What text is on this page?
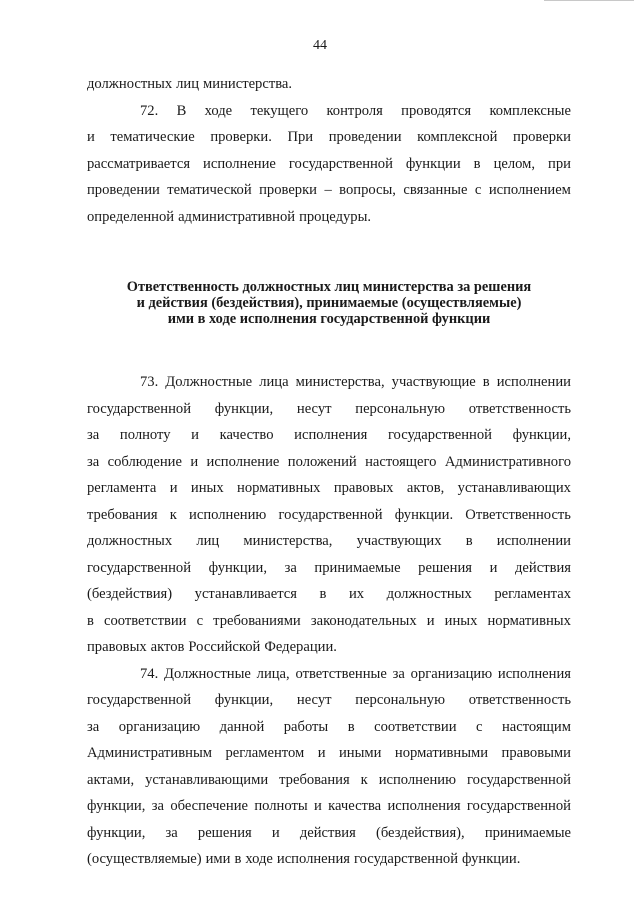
44
должностных лиц министерства.
72. В ходе текущего контроля проводятся комплексные
и тематические проверки. При проведении комплексной проверки
рассматривается исполнение государственной функции в целом, при
проведении тематической проверки – вопросы, связанные с исполнением
определенной административной процедуры.
Ответственность должностных лиц министерства за решения
и действия (бездействия), принимаемые (осуществляемые)
ими в ходе исполнения государственной функции
73. Должностные лица министерства, участвующие в исполнении
государственной функции, несут персональную ответственность
за полноту и качество исполнения государственной функции,
за соблюдение и исполнение положений настоящего Административного
регламента и иных нормативных правовых актов, устанавливающих
требования к исполнению государственной функции. Ответственность
должностных лиц министерства, участвующих в исполнении
государственной функции, за принимаемые решения и действия
(бездействия) устанавливается в их должностных регламентах
в соответствии с требованиями законодательных и иных нормативных
правовых актов Российской Федерации.
74. Должностные лица, ответственные за организацию исполнения
государственной функции, несут персональную ответственность
за организацию данной работы в соответствии с настоящим
Административным регламентом и иными нормативными правовыми
актами, устанавливающими требования к исполнению государственной
функции, за обеспечение полноты и качества исполнения государственной
функции, за решения и действия (бездействия), принимаемые
(осуществляемые) ими в ходе исполнения государственной функции.
